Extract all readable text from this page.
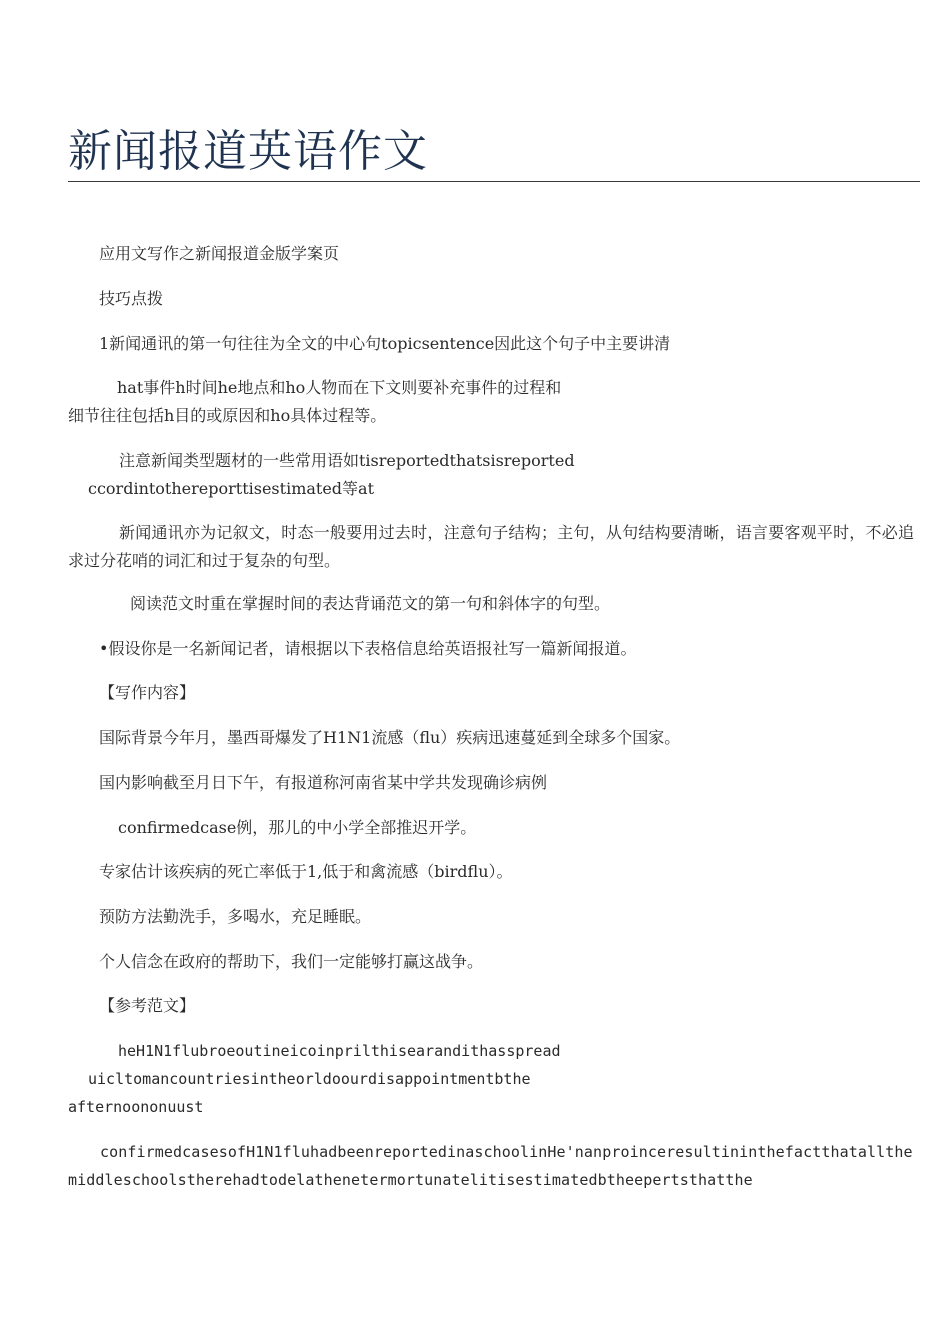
新闻报道英语作文

应用文写作之新闻报道金版学案页

技巧点拨

1新闻通讯的第一句往往为全文的中心句topicsentence因此这个句子中主要讲清

hat事件h时间he地点和ho人物而在下文则要补充事件的过程和
细节往往包括h目的或原因和ho具体过程等。
注意新闻类型题材的一些常用语如tisreportedthatsisreported
ccordintothereporttisestimated等at

新闻通讯亦为记叙文，时态一般要用过去时，注意句子结构；主句，从句结构要清晰，语言要客观平时，不必追求过分花哨的词汇和过于复杂的句型。

阅读范文时重在掌握时间的表达背诵范文的第一句和斜体字的句型。

•假设你是一名新闻记者，请根据以下表格信息给英语报社写一篇新闻报道。

【写作内容】

国际背景今年月，墨西哥爆发了H1N1流感（flu）疾病迅速蔓延到全球多个国家。

国内影响截至月日下午，有报道称河南省某中学共发现确诊病例

confirmedcase例，那儿的中小学全部推迟开学。

专家估计该疾病的死亡率低于1,低于和禽流感（birdflu）。

预防方法勤洗手，多喝水，充足睡眠。

个人信念在政府的帮助下，我们一定能够打赢这战争。

【参考范文】

heH1N1flubroeoutineicoinprilthisearandithasspread
uicltomancountriesintheorldoourdisappointmentbthe
afternoononuust

confirmedcasesofH1N1fluhadbeenreportedinaschoolinHe'nanproinceresultininthefactthatallthemiddleschoolstherehadtodelathenetermortunatelitisestimatedbtheepertsthatthe
